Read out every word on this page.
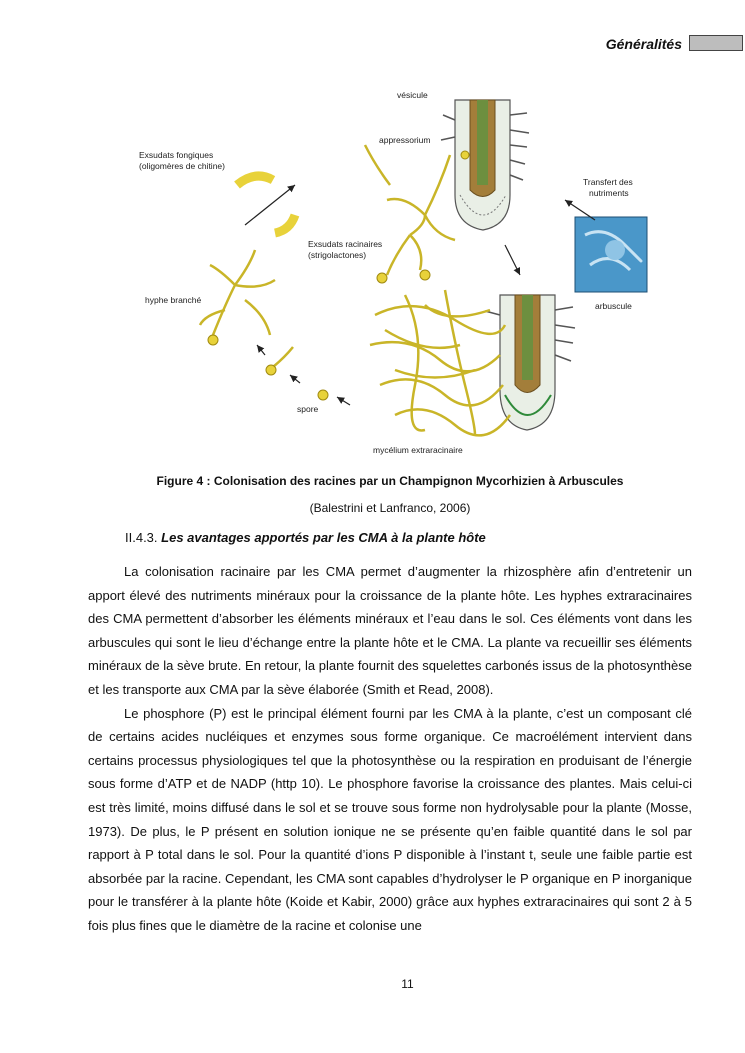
Généralités
vésicule
appressorium
Exsudats fongiques
(oligomères de chitine)
Transfert des
nutriments
Exsudats racinaires
(strigolactones)
hyphe branché
arbuscule
spore
mycélium extraracinaire
Figure 4 : Colonisation des racines par un Champignon Mycorhizien à Arbuscules
(Balestrini et Lanfranco, 2006)
II.4.3. Les avantages apportés par les CMA à la plante hôte

La colonisation racinaire par les CMA permet d’augmenter la rhizosphère afin d’entretenir un apport élevé des nutriments minéraux pour la croissance de la plante hôte. Les hyphes extraracinaires des CMA permettent d’absorber les éléments minéraux et l’eau dans le sol. Ces éléments vont dans les arbuscules qui sont le lieu d’échange entre la plante hôte et le CMA. La plante va recueillir ses éléments minéraux de la sève brute. En retour, la plante fournit des squelettes carbonés issus de la photosynthèse et les transporte aux CMA par la sève élaborée (Smith et Read, 2008).

Le phosphore (P) est le principal élément fourni par les CMA à la plante, c’est un composant clé de certains acides nucléiques et enzymes sous forme organique. Ce macroélément intervient dans certains processus physiologiques tel que la photosynthèse ou la respiration en produisant de l’énergie sous forme d’ATP et de NADP (http 10). Le phosphore favorise la croissance des plantes. Mais celui-ci est très limité, moins diffusé dans le sol et se trouve sous forme non hydrolysable pour la plante (Mosse, 1973). De plus, le P présent en solution ionique ne se présente qu’en faible quantité dans le sol par rapport à P total dans le sol. Pour la quantité d’ions P disponible à l’instant t, seule une faible partie est absorbée par la racine. Cependant, les CMA sont capables d’hydrolyser le P organique en P inorganique pour le transférer à la plante hôte (Koide et Kabir, 2000) grâce aux hyphes extraracinaires qui sont 2 à 5 fois plus fines que le diamètre de la racine et colonise une

11
